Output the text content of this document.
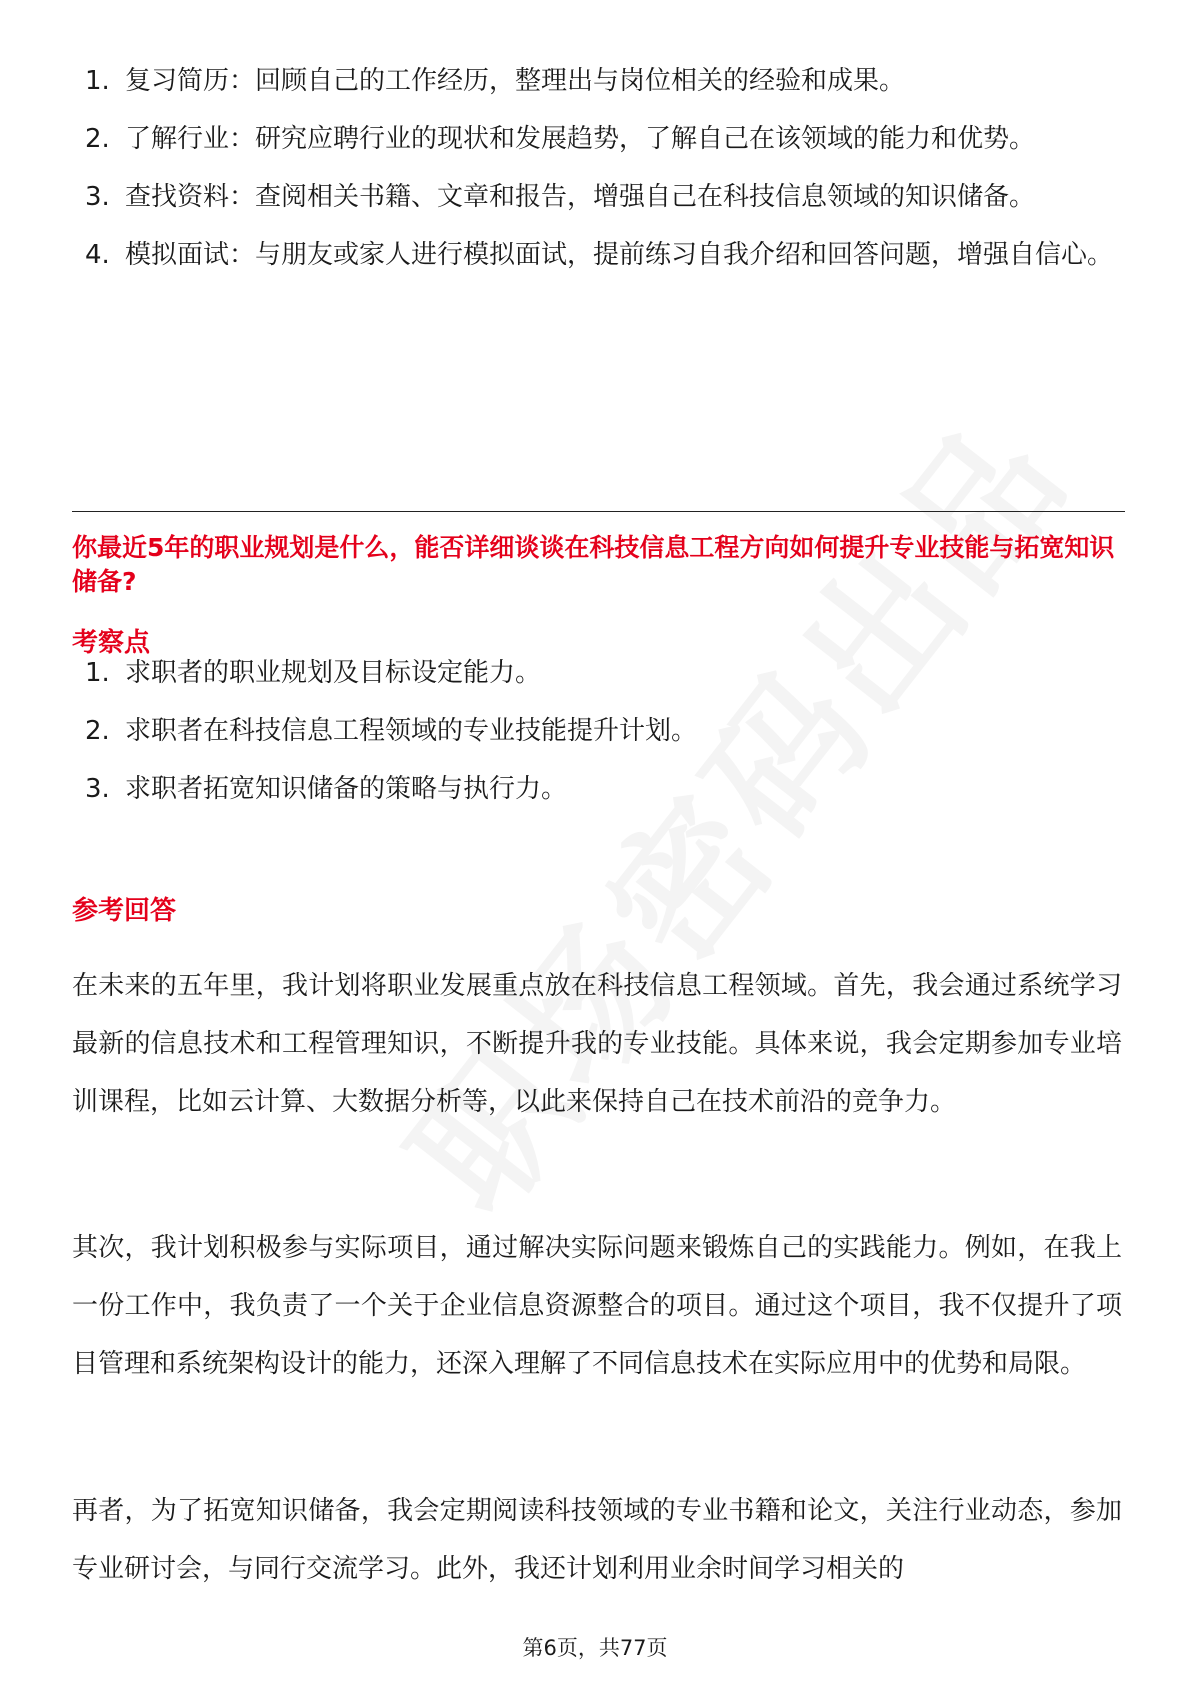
1. 复习简历：回顾自己的工作经历，整理出与岗位相关的经验和成果。
2. 了解行业：研究应聘行业的现状和发展趋势，了解自己在该领域的能力和优势。
3. 查找资料：查阅相关书籍、文章和报告，增强自己在科技信息领域的知识储备。
4. 模拟面试：与朋友或家人进行模拟面试，提前练习自我介绍和回答问题，增强自信心。
你最近5年的职业规划是什么，能否详细谈谈在科技信息工程方向如何提升专业技能与拓宽知识储备?
考察点
1. 求职者的职业规划及目标设定能力。
2. 求职者在科技信息工程领域的专业技能提升计划。
3. 求职者拓宽知识储备的策略与执行力。
参考回答

在未来的五年里，我计划将职业发展重点放在科技信息工程领域。首先，我会通过系统学习最新的信息技术和工程管理知识，不断提升我的专业技能。具体来说，我会定期参加专业培训课程，比如云计算、大数据分析等，以此来保持自己在技术前沿的竞争力。

其次，我计划积极参与实际项目，通过解决实际问题来锻炼自己的实践能力。例如，在我上一份工作中，我负责了一个关于企业信息资源整合的项目。通过这个项目，我不仅提升了项目管理和系统架构设计的能力，还深入理解了不同信息技术在实际应用中的优势和局限。

再者，为了拓宽知识储备，我会定期阅读科技领域的专业书籍和论文，关注行业动态，参加专业研讨会，与同行交流学习。此外，我还计划利用业余时间学习相关的

第6页，共77页
